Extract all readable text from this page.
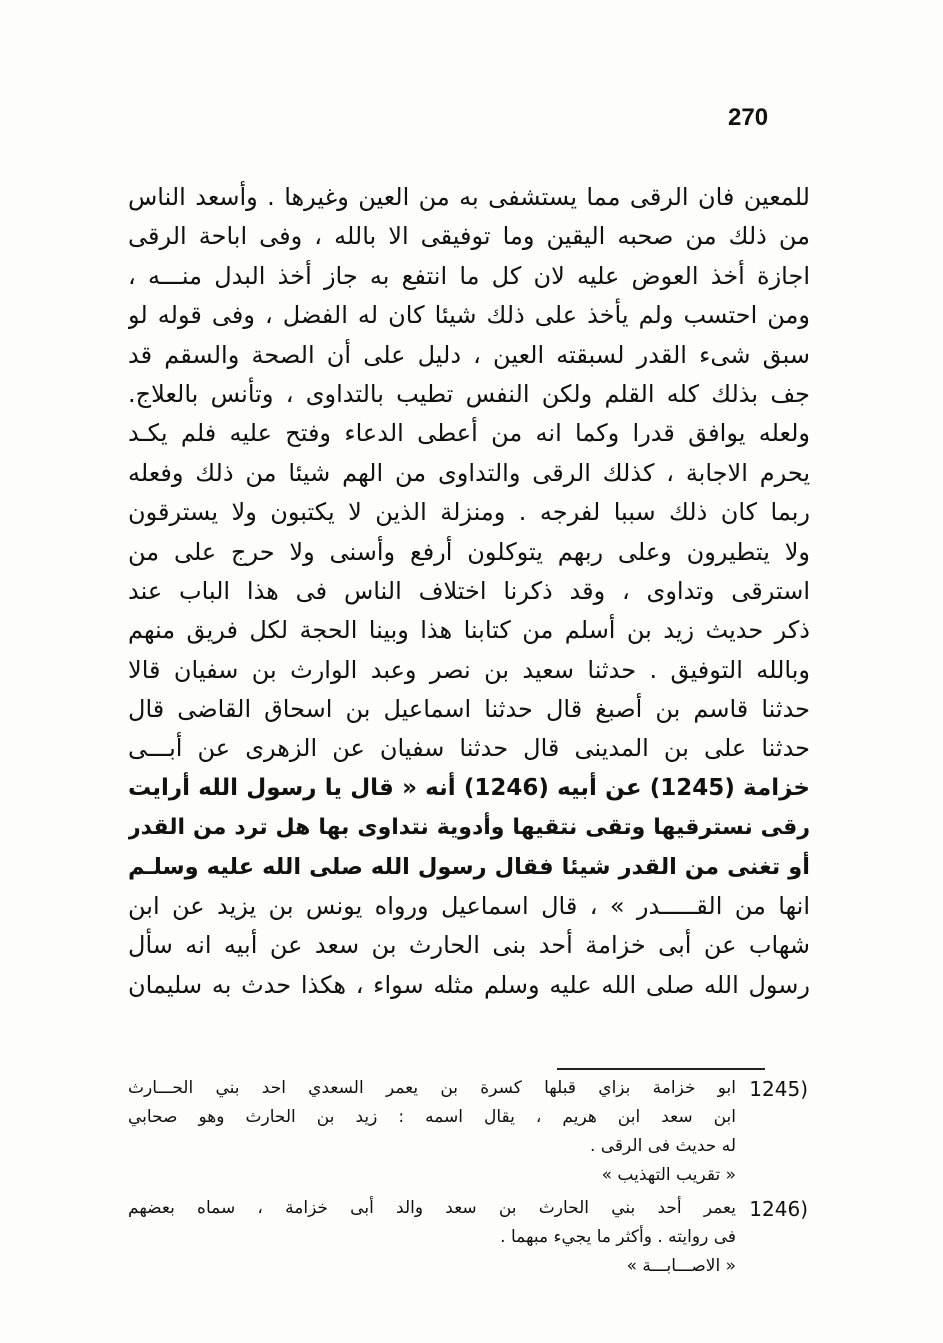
270
للمعين فان الرقى مما يستشفى به من العين وغيرها . وأسعد الناس
من ذلك من صحبه اليقين وما توفيقى الا بالله ، وفى اباحة الرقى
اجازة أخذ العوض عليه لان كل ما انتفع به جاز أخذ البدل منـــه ،
ومن احتسب ولم يأخذ على ذلك شيئا كان له الفضل ، وفى قوله لو
سبق شىء القدر لسبقته العين ، دليل على أن الصحة والسقم قد
جف بذلك كله القلم ولكن النفس تطيب بالتداوى ، وتأنس بالعلاج.
ولعله يوافق قدرا وكما انه من أعطى الدعاء وفتح عليه فلم يكـد
يحرم الاجابة ، كذلك الرقى والتداوى من الهم شيئا من ذلك وفعله
ربما كان ذلك سببا لفرجه . ومنزلة الذين لا يكتبون ولا يسترقون
ولا يتطيرون وعلى ربهم يتوكلون أرفع وأسنى ولا حرج على من
استرقى وتداوى ، وقد ذكرنا اختلاف الناس فى هذا الباب عند
ذكر حديث زيد بن أسلم من كتابنا هذا وبينا الحجة لكل فريق منهم
وبالله التوفيق . حدثنا سعيد بن نصر وعبد الوارث بن سفيان قالا
حدثنا قاسم بن أصبغ قال حدثنا اسماعيل بن اسحاق القاضى قال
حدثنا على بن المدينى قال حدثنا سفيان عن الزهرى عن أبـــى
خزامة (1245) عن أبيه (1246) أنه « قال يا رسول الله أرايت
رقى نسترقيها وتقى نتقيها وأدوية نتداوى بها هل ترد من القدر
أو تغنى من القدر شيئا فقال رسول الله صلى الله عليه وسلـم
انها من القـــــدر » ، قال اسماعيل ورواه يونس بن يزيد عن ابن
شهاب عن أبى خزامة أحد بنى الحارث بن سعد عن أبيه انه سأل
رسول الله صلى الله عليه وسلم مثله سواء ، هكذا حدث به سليمان
1245)
ابو خزامة بزاي قبلها كسرة بن يعمر السعدي احد بني الحـــارث
ابن سعد ابن هريم ، يقال اسمه : زيد بن الحارث وهو صحابي
له حديث فى الرقى .
« تقريب التهذيب »
1246)
يعمر أحد بني الحارث بن سعد والد أبى خزامة ، سماه بعضهم
فى روايته . وأكثر ما يجيء مبهما .
« الاصـــابـــة »
